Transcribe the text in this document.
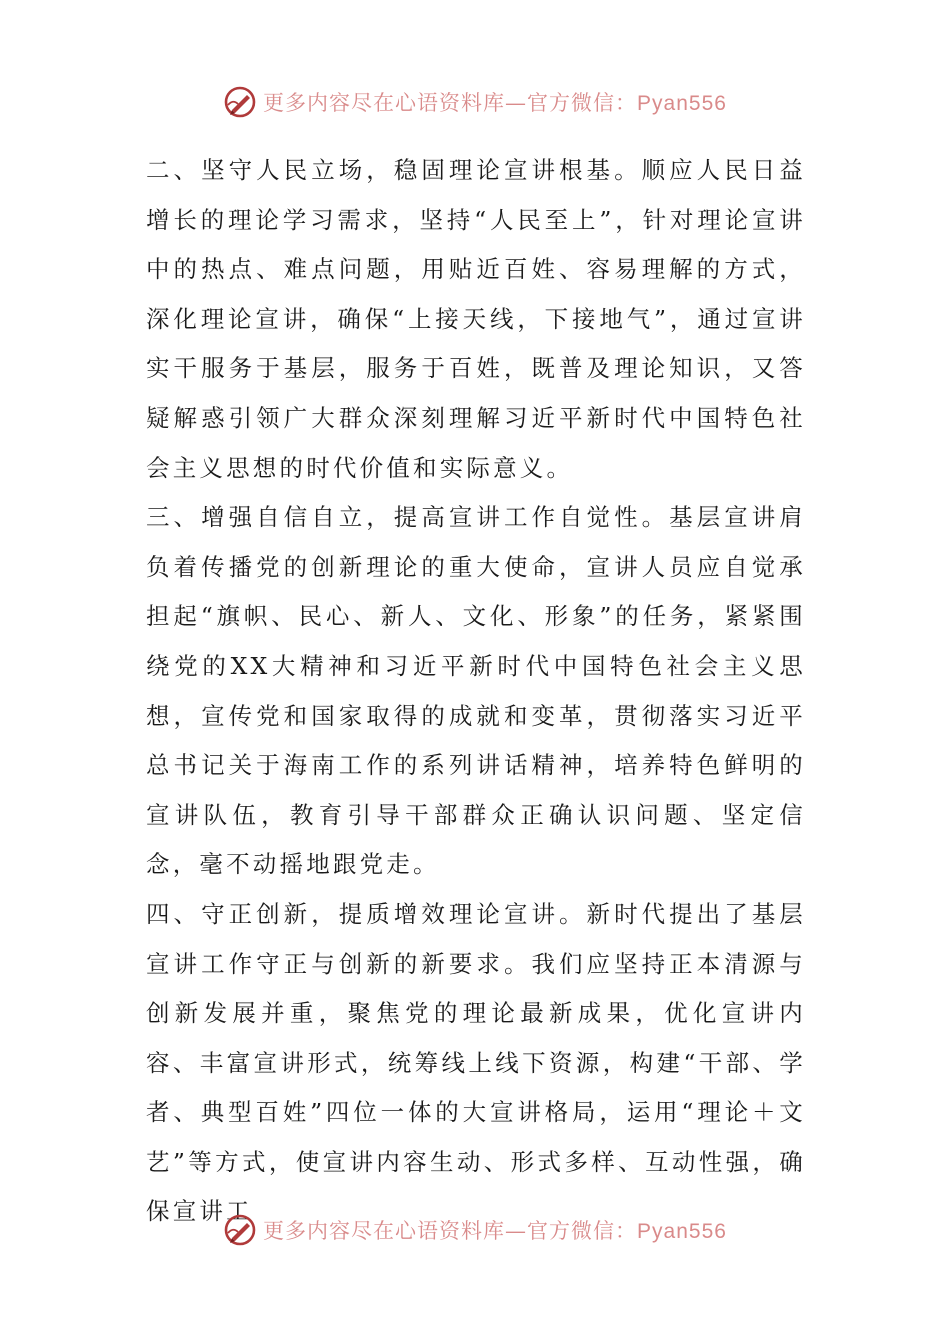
更多内容尽在心语资料库—官方微信：Pyan556

二、坚守人民立场，稳固理论宣讲根基。顺应人民日益增长的理论学习需求，坚持“人民至上”，针对理论宣讲中的热点、难点问题，用贴近百姓、容易理解的方式，深化理论宣讲，确保“上接天线，下接地气”，通过宣讲实干服务于基层，服务于百姓，既普及理论知识，又答疑解惑引领广大群众深刻理解习近平新时代中国特色社会主义思想的时代价值和实际意义。

三、增强自信自立，提高宣讲工作自觉性。基层宣讲肩负着传播党的创新理论的重大使命，宣讲人员应自觉承担起“旗帜、民心、新人、文化、形象”的任务，紧紧围绕党的XX大精神和习近平新时代中国特色社会主义思想，宣传党和国家取得的成就和变革，贯彻落实习近平总书记关于海南工作的系列讲话精神，培养特色鲜明的宣讲队伍，教育引导干部群众正确认识问题、坚定信念，毫不动摇地跟党走。

四、守正创新，提质增效理论宣讲。新时代提出了基层宣讲工作守正与创新的新要求。我们应坚持正本清源与创新发展并重，聚焦党的理论最新成果，优化宣讲内容、丰富宣讲形式，统筹线上线下资源，构建“干部、学者、典型百姓”四位一体的大宣讲格局，运用“理论＋文艺”等方式，使宣讲内容生动、形式多样、互动性强，确保宣讲工

更多内容尽在心语资料库—官方微信：Pyan556
